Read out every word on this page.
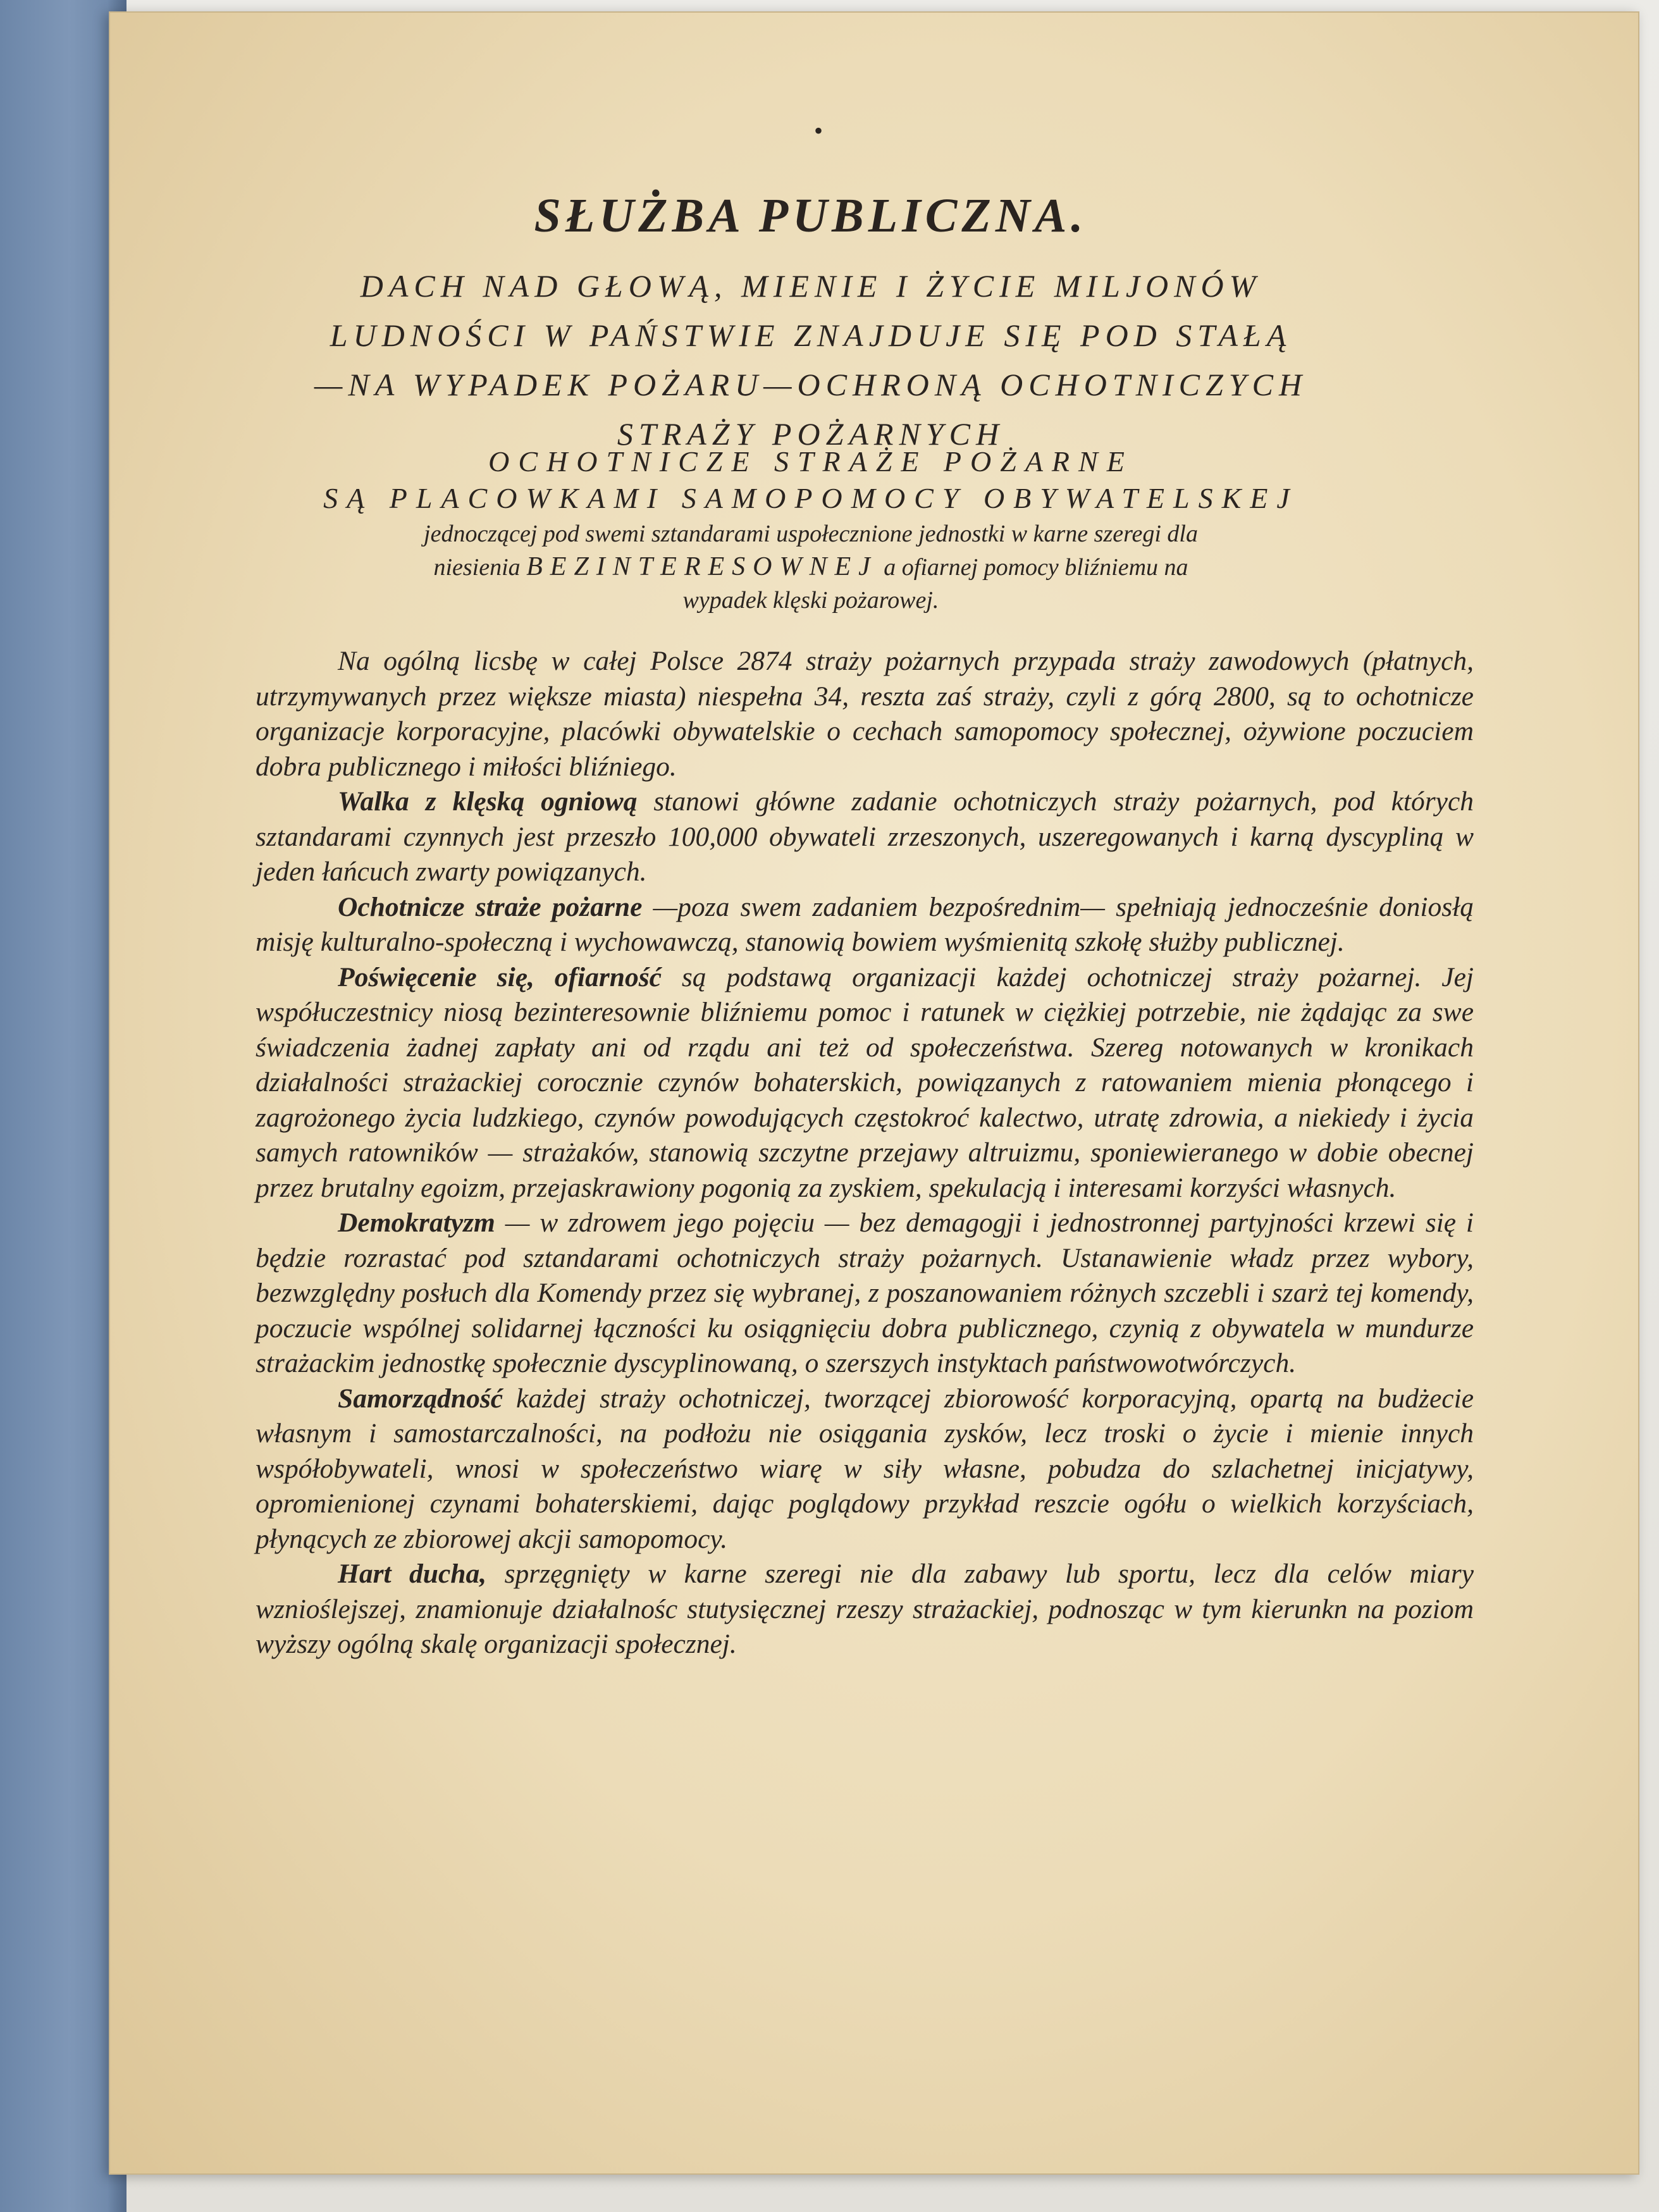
•
SŁUŻBA PUBLICZNA.
DACH NAD GŁOWĄ, MIENIE I ŻYCIE MILJONÓW
LUDNOŚCI W PAŃSTWIE ZNAJDUJE SIĘ POD STAŁĄ
—NA WYPADEK POŻARU—OCHRONĄ OCHOTNICZYCH
STRAŻY POŻARNYCH
OCHOTNICZE STRAŻE POŻARNE
SĄ PLACOWKAMI SAMOPOMOCY OBYWATELSKEJ
jednoczącej pod swemi sztandarami uspołecznione jednostki w karne szeregi dla
niesienia BEZINTERESOWNEJ a ofiarnej pomocy bliźniemu na
wypadek klęski pożarowej.

Na ogólną licsbę w całej Polsce 2874 straży pożarnych przypada straży zawodowych (płatnych, utrzymywanych przez większe miasta) niespełna 34, reszta zaś straży, czyli z górą 2800, są to ochotnicze organizacje korporacyjne, placówki obywatelskie o cechach samopomocy społecznej, ożywione poczuciem dobra publicznego i miłości bliźniego.

Walka z klęską ogniową stanowi główne zadanie ochotniczych straży pożarnych, pod których sztandarami czynnych jest przeszło 100,000 obywateli zrzeszonych, uszeregowanych i karną dyscypliną w jeden łańcuch zwarty powiązanych.

Ochotnicze straże pożarne —poza swem zadaniem bezpośrednim— spełniają jednocześnie doniosłą misję kulturalno-społeczną i wychowawczą, stanowią bowiem wyśmienitą szkołę służby publicznej.

Poświęcenie się, ofiarność są podstawą organizacji każdej ochotniczej straży pożarnej. Jej współuczestnicy niosą bezinteresownie bliźniemu pomoc i ratunek w ciężkiej potrzebie, nie żądając za swe świadczenia żadnej zapłaty ani od rządu ani też od społeczeństwa. Szereg notowanych w kronikach działalności strażackiej corocznie czynów bohaterskich, powiązanych z ratowaniem mienia płonącego i zagrożonego życia ludzkiego, czynów powodujących częstokroć kalectwo, utratę zdrowia, a niekiedy i życia samych ratowników — strażaków, stanowią szczytne przejawy altruizmu, sponiewieranego w dobie obecnej przez brutalny egoizm, przejaskrawiony pogonią za zyskiem, spekulacją i interesami korzyści własnych.

Demokratyzm — w zdrowem jego pojęciu — bez demagogji i jednostronnej partyjności krzewi się i będzie rozrastać pod sztandarami ochotniczych straży pożarnych. Ustanawienie władz przez wybory, bezwzględny posłuch dla Komendy przez się wybranej, z poszanowaniem różnych szczebli i szarż tej komendy, poczucie wspólnej solidarnej łączności ku osiągnięciu dobra publicznego, czynią z obywatela w mundurze strażackim jednostkę społecznie dyscyplinowaną, o szerszych instyktach państwowotwórczych.

Samorządność każdej straży ochotniczej, tworzącej zbiorowość korporacyjną, opartą na budżecie własnym i samostarczalności, na podłożu nie osiągania zysków, lecz troski o życie i mienie innych współobywateli, wnosi w społeczeństwo wiarę w siły własne, pobudza do szlachetnej inicjatywy, opromienionej czynami bohaterskiemi, dając poglądowy przykład reszcie ogółu o wielkich korzyściach, płynących ze zbiorowej akcji samopomocy.

Hart ducha, sprzęgnięty w karne szeregi nie dla zabawy lub sportu, lecz dla celów miary wznioślejszej, znamionuje działalnośc stutysięcznej rzeszy strażackiej, podnosząc w tym kierunkn na poziom wyższy ogólną skalę organizacji społecznej.
